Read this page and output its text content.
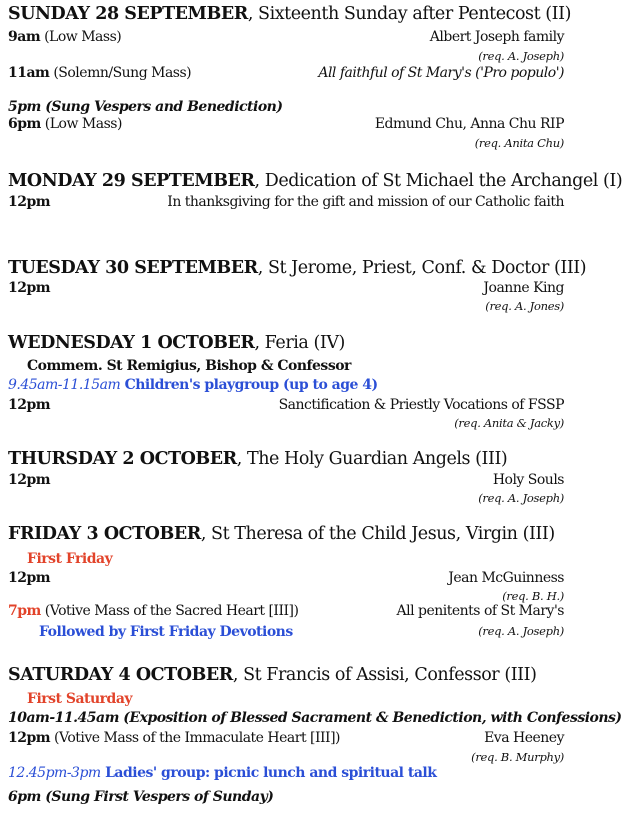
SUNDAY 28 SEPTEMBER, Sixteenth Sunday after Pentecost (II)
9am (Low Mass)	Albert Joseph family
(req. A. Joseph)
11am (Solemn/Sung Mass)	All faithful of St Mary's ('Pro populo')
5pm (Sung Vespers and Benediction)
6pm (Low Mass)	Edmund Chu, Anna Chu RIP
(req. Anita Chu)
MONDAY 29 SEPTEMBER, Dedication of St Michael the Archangel (I)
12pm	In thanksgiving for the gift and mission of our Catholic faith
TUESDAY 30 SEPTEMBER, St Jerome, Priest, Conf. & Doctor (III)
12pm	Joanne King
(req. A. Jones)
WEDNESDAY 1 OCTOBER, Feria (IV)
Commem. St Remigius, Bishop & Confessor
9.45am-11.15am Children's playgroup (up to age 4)
12pm	Sanctification & Priestly Vocations of FSSP
(req. Anita & Jacky)
THURSDAY 2 OCTOBER, The Holy Guardian Angels (III)
12pm	Holy Souls
(req. A. Joseph)
FRIDAY 3 OCTOBER, St Theresa of the Child Jesus, Virgin (III)
First Friday
12pm	Jean McGuinness
(req. B. H.)
7pm (Votive Mass of the Sacred Heart [III])	All penitents of St Mary's
(req. A. Joseph)
Followed by First Friday Devotions
SATURDAY 4 OCTOBER, St Francis of Assisi, Confessor (III)
First Saturday
10am-11.45am (Exposition of Blessed Sacrament & Benediction, with Confessions)
12pm (Votive Mass of the Immaculate Heart [III])	Eva Heeney
(req. B. Murphy)
12.45pm-3pm Ladies' group: picnic lunch and spiritual talk
6pm (Sung First Vespers of Sunday)
